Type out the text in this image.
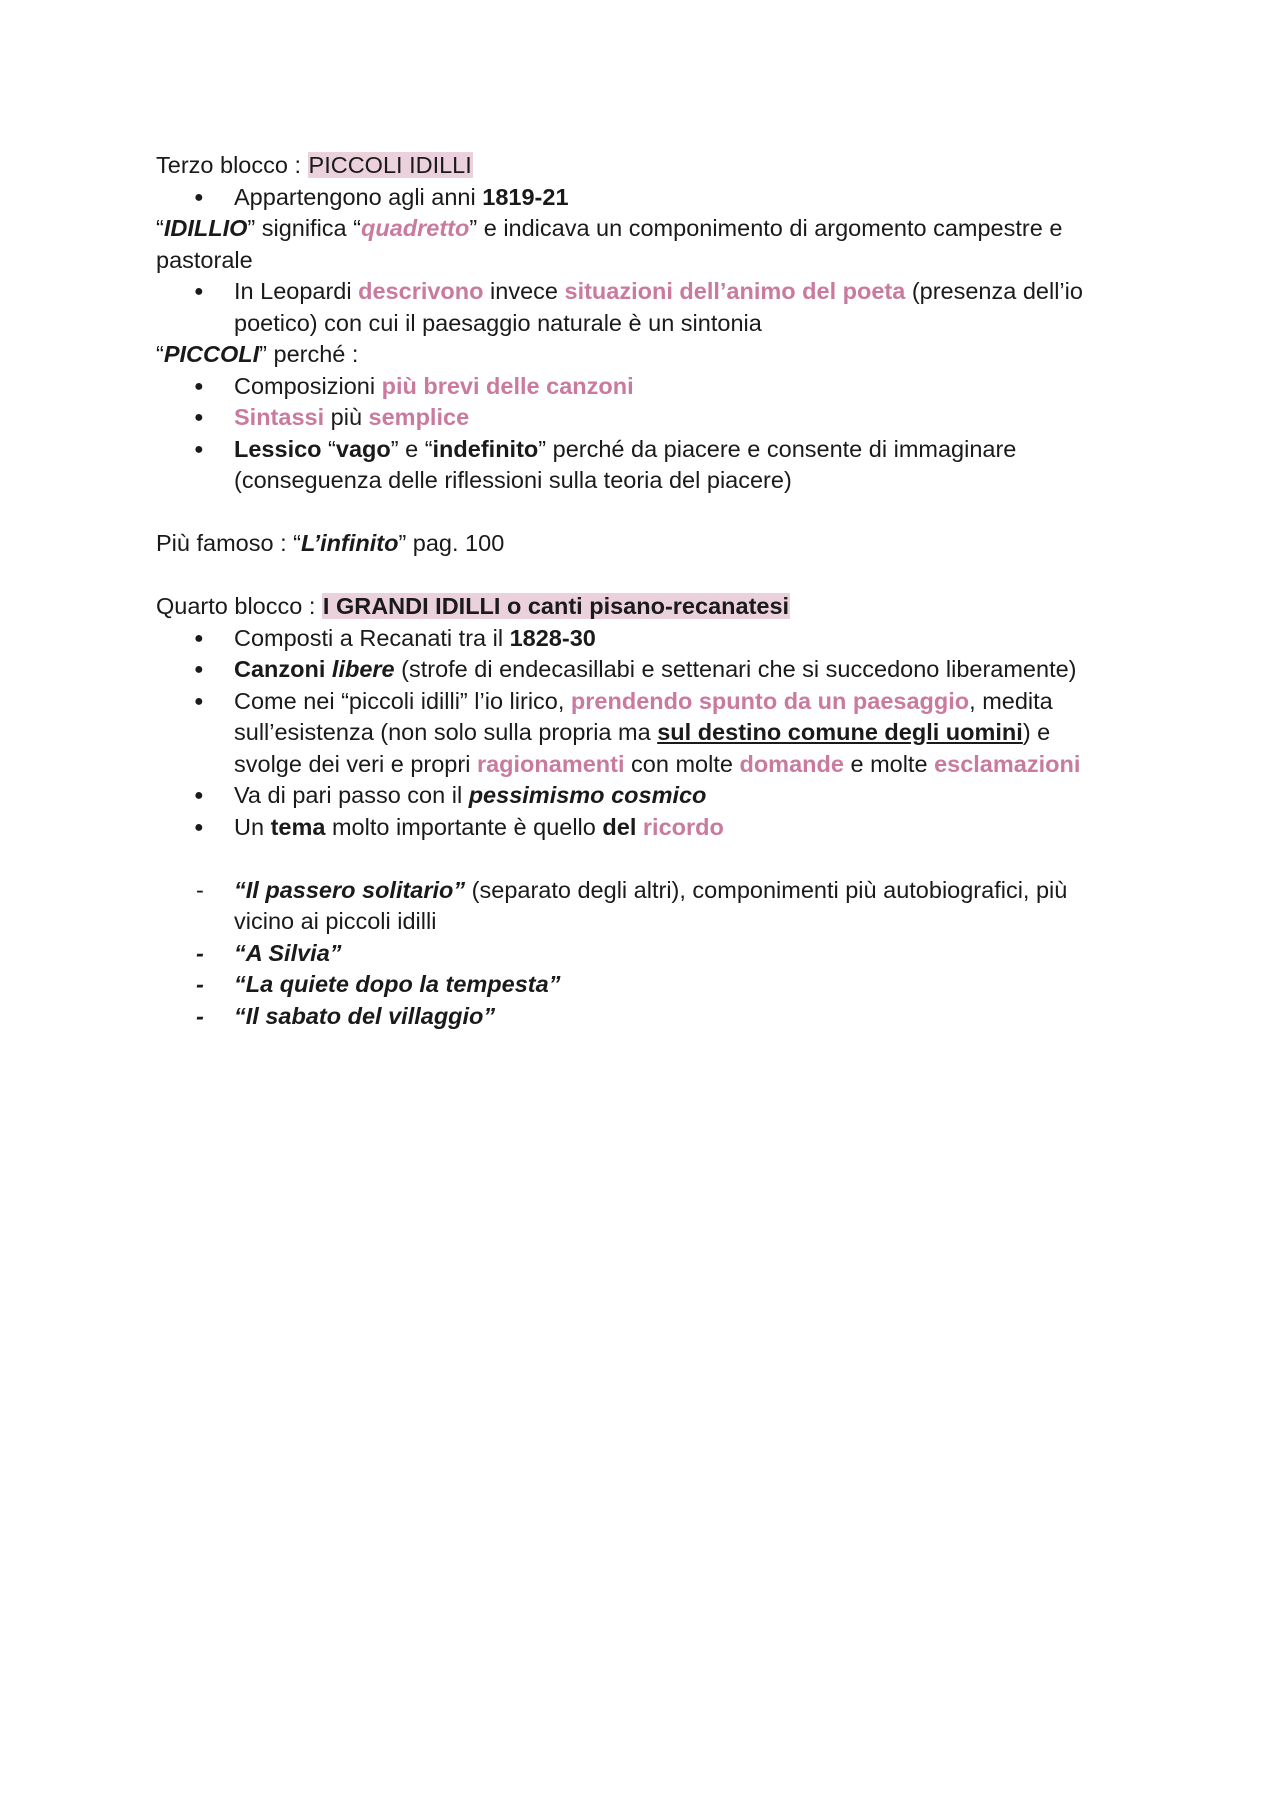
Terzo blocco : PICCOLI IDILLI
● Appartengono agli anni 1819-21
“IDILLIO” significa “quadretto” e indicava un componimento di argomento campestre e
pastorale
● In Leopardi descrivono invece situazioni dell’animo del poeta (presenza dell’io
poetico) con cui il paesaggio naturale è un sintonia
“PICCOLI” perché :
● Composizioni più brevi delle canzoni
● Sintassi più semplice
● Lessico “vago” e “indefinito” perché da piacere e consente di immaginare
(conseguenza delle riflessioni sulla teoria del piacere)
Più famoso : “L’infinito” pag. 100
Quarto blocco : I GRANDI IDILLI o canti pisano-recanatesi
● Composti a Recanati tra il 1828-30
● Canzoni libere (strofe di endecasillabi e settenari che si succedono liberamente)
● Come nei “piccoli idilli” l’io lirico, prendendo spunto da un paesaggio, medita
sull’esistenza (non solo sulla propria ma sul destino comune degli uomini) e
svolge dei veri e propri ragionamenti con molte domande e molte esclamazioni
● Va di pari passo con il pessimismo cosmico
● Un tema molto importante è quello del ricordo
- “Il passero solitario” (separato degli altri), componimenti più autobiografici, più
vicino ai piccoli idilli
- “A Silvia”
- “La quiete dopo la tempesta”
- “Il sabato del villaggio”
